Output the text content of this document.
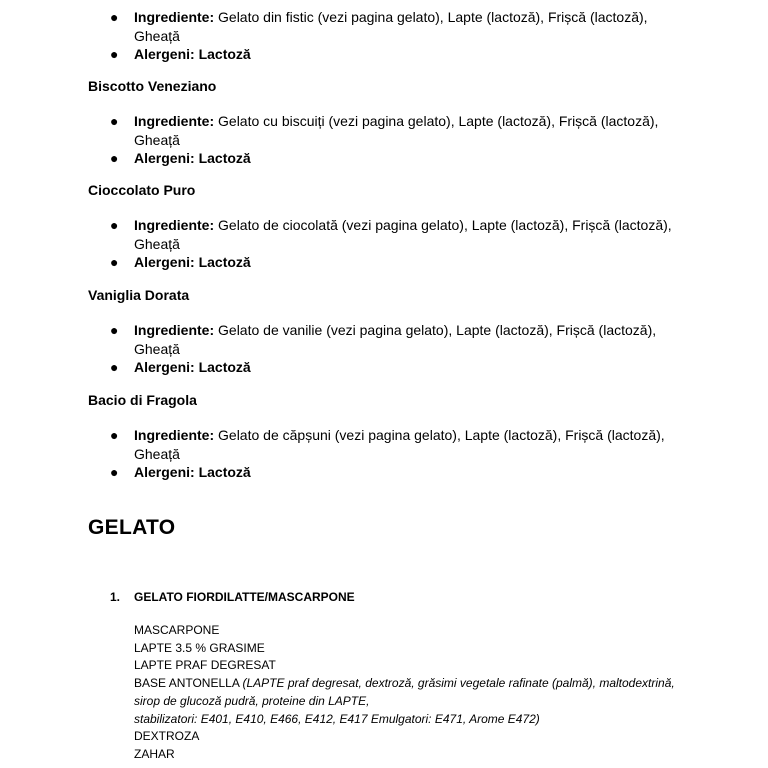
● Ingrediente: Gelato din fistic (vezi pagina gelato), Lapte (lactoză), Frișcă (lactoză),
Gheață
● Alergeni: Lactoză
Biscotto Veneziano
● Ingrediente: Gelato cu biscuiți (vezi pagina gelato), Lapte (lactoză), Frișcă (lactoză),
Gheață
● Alergeni: Lactoză
Cioccolato Puro
● Ingrediente: Gelato de ciocolată (vezi pagina gelato), Lapte (lactoză), Frișcă (lactoză),
Gheață
● Alergeni: Lactoză
Vaniglia Dorata
● Ingrediente: Gelato de vanilie (vezi pagina gelato), Lapte (lactoză), Frișcă (lactoză),
Gheață
● Alergeni: Lactoză
Bacio di Fragola
● Ingrediente: Gelato de căpșuni (vezi pagina gelato), Lapte (lactoză), Frișcă (lactoză),
Gheață
● Alergeni: Lactoză
GELATO
1. GELATO FIORDILATTE/MASCARPONE
MASCARPONE
LAPTE 3.5 % GRASIME
LAPTE PRAF DEGRESAT
BASE ANTONELLA (LAPTE praf degresat, dextroză, grăsimi vegetale rafinate (palmă), maltodextrină,
sirop de glucoză pudră, proteine din LAPTE,
stabilizatori: E401, E410, E466, E412, E417 Emulgatori: E471, Arome E472)
DEXTROZA
ZAHAR
